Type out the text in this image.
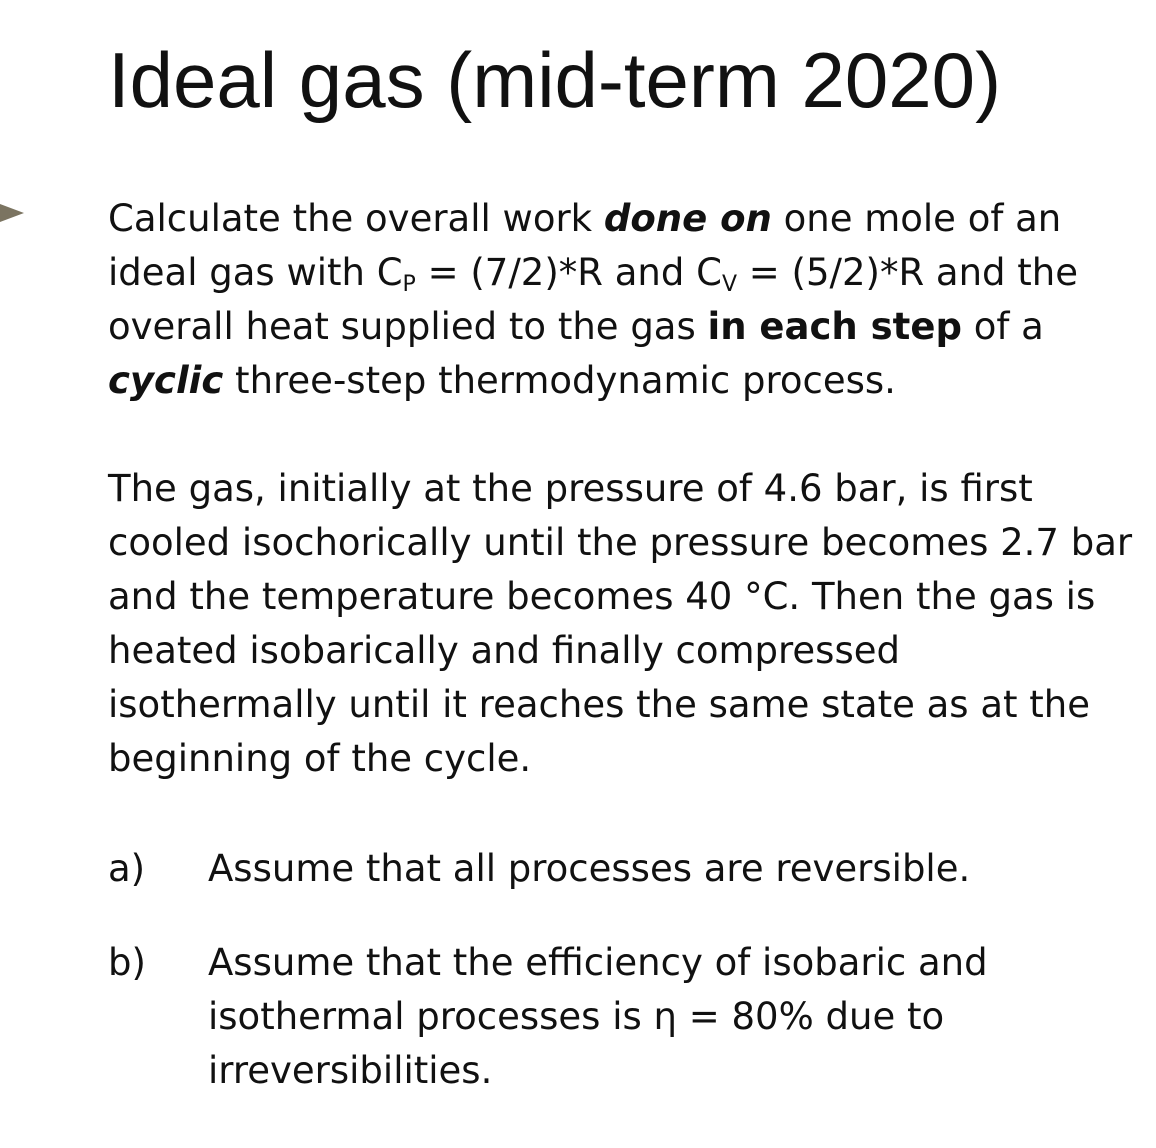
Ideal gas (mid-term 2020)

Calculate the overall work done on one mole of an ideal gas with $C_P = (7/2)*R$ and $C_V = (5/2)*R$ and the overall heat supplied to the gas in each step of a cyclic three-step thermodynamic process.

The gas, initially at the pressure of 4.6 bar, is first cooled isochorically until the pressure becomes 2.7 bar and the temperature becomes 40 °C. Then the gas is heated isobarically and finally compressed isothermally until it reaches the same state as at the beginning of the cycle.

a)	Assume that all processes are reversible.
b)	Assume that the efficiency of isobaric and isothermal processes is η = 80% due to irreversibilities.
